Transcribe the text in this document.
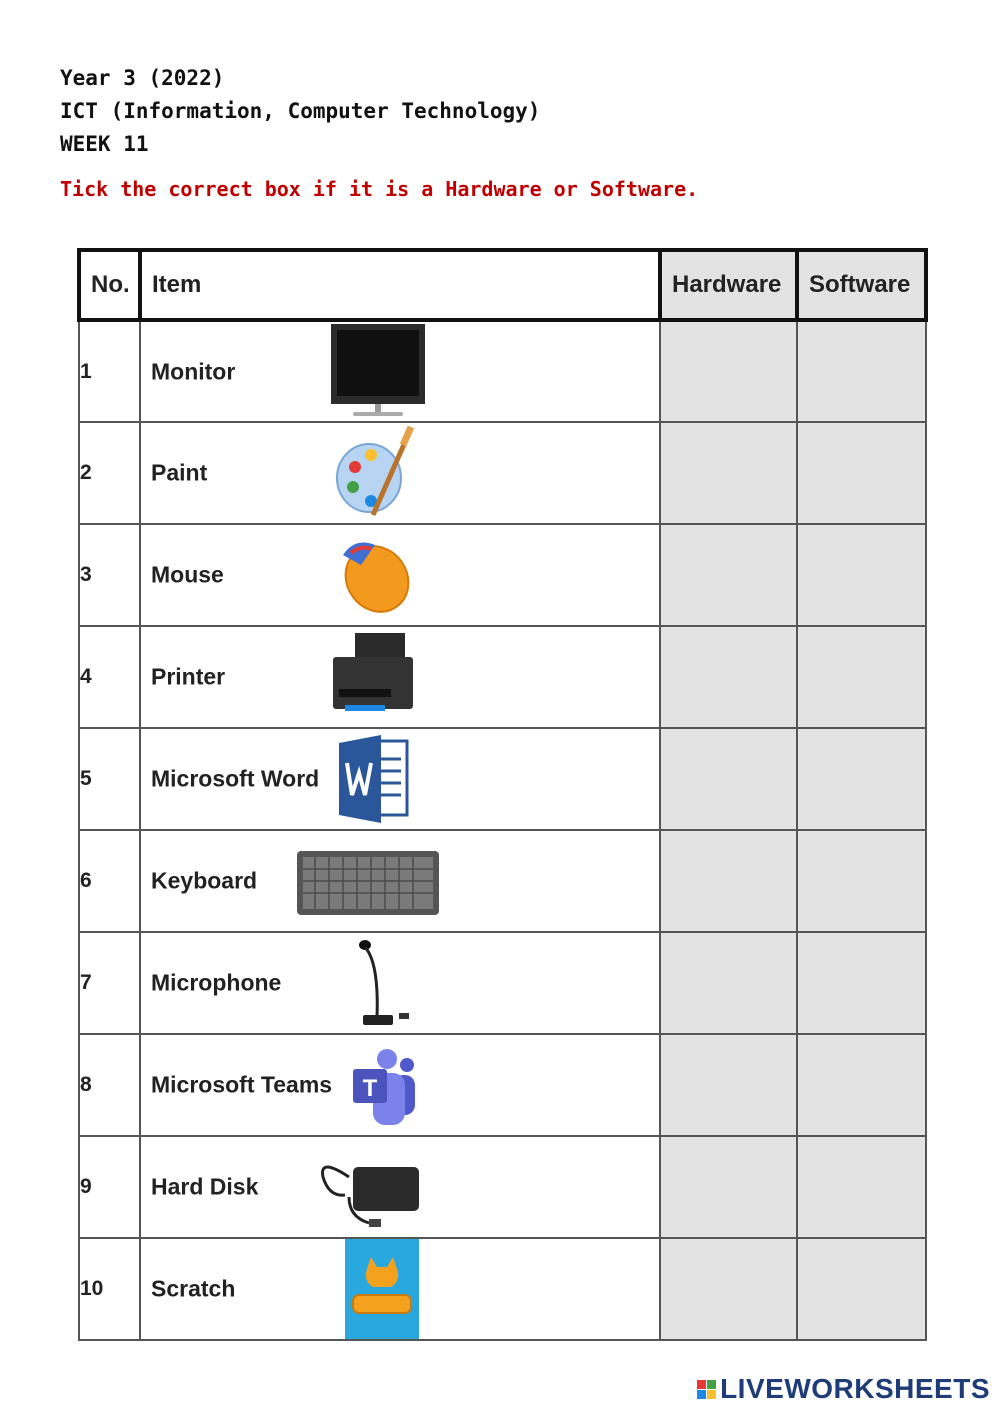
Year 3 (2022)
ICT (Information, Computer Technology)
WEEK 11
Tick the correct box if it is a Hardware or Software.
No.	Item	Hardware	Software
1	Monitor		

2	Paint		

3	Mouse		

4	Printer		

5	Microsoft Word		

6	Keyboard		

7	Microphone		

8	Microsoft Teams T		

9	Hard Disk		

10	Scratch		

LIVEWORKSHEETS
